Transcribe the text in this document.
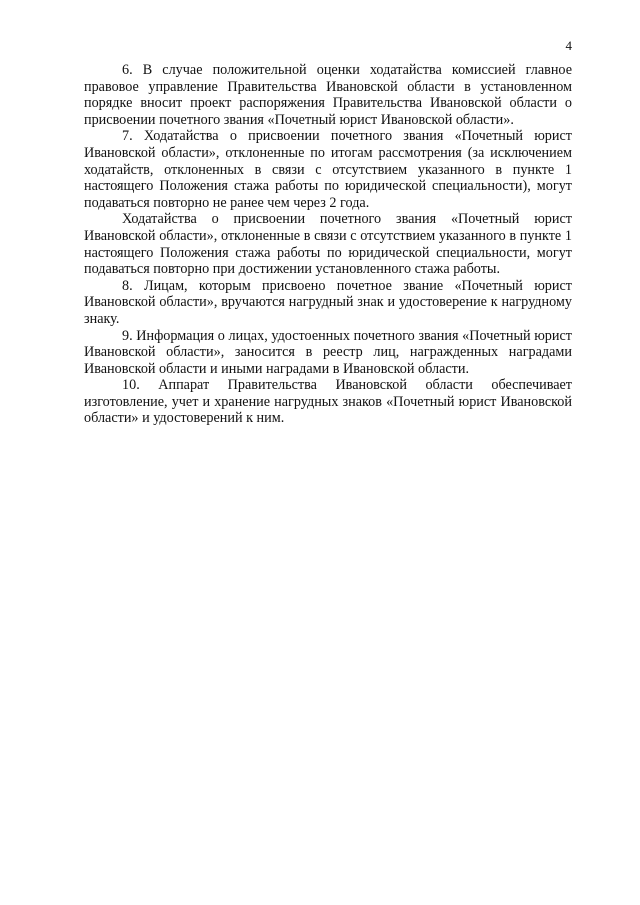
4

6. В случае положительной оценки ходатайства комиссией главное правовое управление Правительства Ивановской области в установленном порядке вносит проект распоряжения Правительства Ивановской области о присвоении почетного звания «Почетный юрист Ивановской области».

7. Ходатайства о присвоении почетного звания «Почетный юрист Ивановской области», отклоненные по итогам рассмотрения (за исключением ходатайств, отклоненных в связи с отсутствием указанного в пункте 1 настоящего Положения стажа работы по юридической специальности), могут подаваться повторно не ранее чем через 2 года.

Ходатайства о присвоении почетного звания «Почетный юрист Ивановской области», отклоненные в связи с отсутствием указанного в пункте 1 настоящего Положения стажа работы по юридической специальности, могут подаваться повторно при достижении установленного стажа работы.

8. Лицам, которым присвоено почетное звание «Почетный юрист Ивановской области», вручаются нагрудный знак и удостоверение к нагрудному знаку.

9. Информация о лицах, удостоенных почетного звания «Почетный юрист Ивановской области», заносится в реестр лиц, награжденных наградами Ивановской области и иными наградами в Ивановской области.

10. Аппарат Правительства Ивановской области обеспечивает изготовление, учет и хранение нагрудных знаков «Почетный юрист Ивановской области» и удостоверений к ним.
